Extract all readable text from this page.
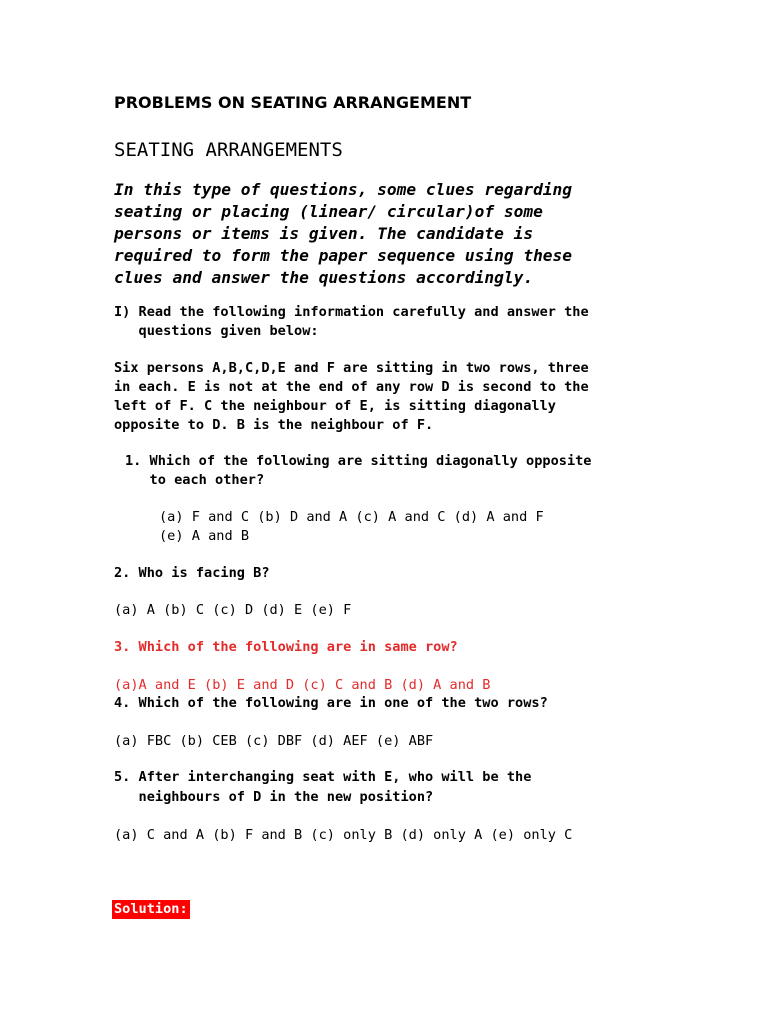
PROBLEMS ON SEATING ARRANGEMENT
SEATING ARRANGEMENTS
In this type of questions, some clues regarding
seating or placing (linear/ circular)of some
persons or items is given. The candidate is
required to form the paper sequence using these
clues and answer the questions accordingly.
I) Read the following information carefully and answer the
questions given below:
Six persons A,B,C,D,E and F are sitting in two rows, three
in each. E is not at the end of any row D is second to the
left of F. C the neighbour of E, is sitting diagonally
opposite to D. B is the neighbour of F.
1. Which of the following are sitting diagonally opposite
to each other?
(a) F and C (b) D and A (c) A and C (d) A and F
(e) A and B
2. Who is facing B?
(a) A (b) C (c) D (d) E (e) F
3. Which of the following are in same row?
(a)A and E (b) E and D (c) C and B (d) A and B
4. Which of the following are in one of the two rows?
(a) FBC (b) CEB (c) DBF (d) AEF (e) ABF
5. After interchanging seat with E, who will be the
neighbours of D in the new position?
(a) C and A (b) F and B (c) only B (d) only A (e) only C
Solution:
